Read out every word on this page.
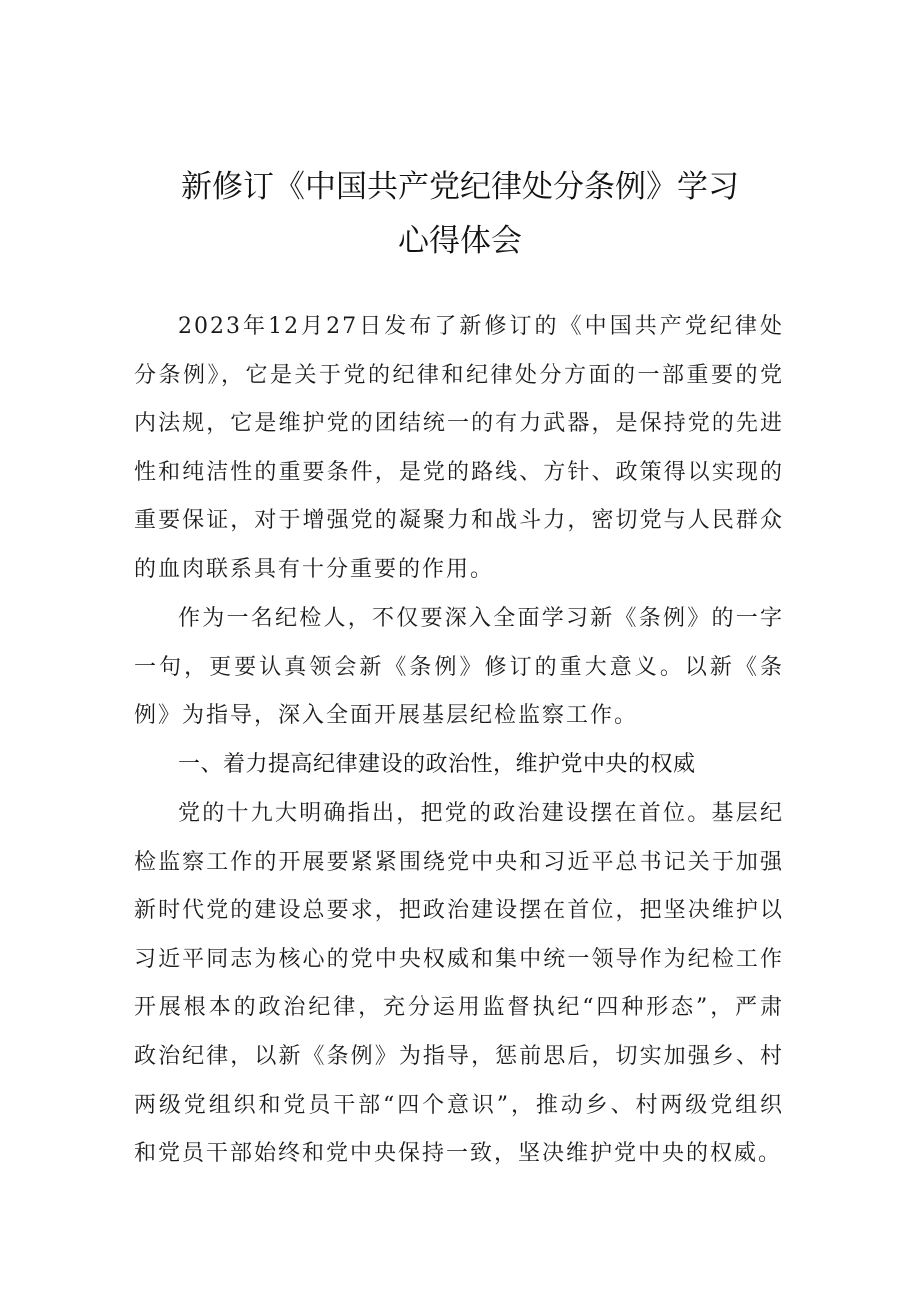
新修订《中国共产党纪律处分条例》学习
心得体会

2023年12月27日发布了新修订的《中国共产党纪律处分条例》，它是关于党的纪律和纪律处分方面的一部重要的党内法规，它是维护党的团结统一的有力武器，是保持党的先进性和纯洁性的重要条件，是党的路线、方针、政策得以实现的重要保证，对于增强党的凝聚力和战斗力，密切党与人民群众的血肉联系具有十分重要的作用。

作为一名纪检人，不仅要深入全面学习新《条例》的一字一句，更要认真领会新《条例》修订的重大意义。以新《条例》为指导，深入全面开展基层纪检监察工作。

一、着力提高纪律建设的政治性，维护党中央的权威

党的十九大明确指出，把党的政治建设摆在首位。基层纪检监察工作的开展要紧紧围绕党中央和习近平总书记关于加强新时代党的建设总要求，把政治建设摆在首位，把坚决维护以习近平同志为核心的党中央权威和集中统一领导作为纪检工作开展根本的政治纪律，充分运用监督执纪“四种形态”，严肃政治纪律，以新《条例》为指导，惩前思后，切实加强乡、村两级党组织和党员干部“四个意识”，推动乡、村两级党组织和党员干部始终和党中央保持一致，坚决维护党中央的权威。
